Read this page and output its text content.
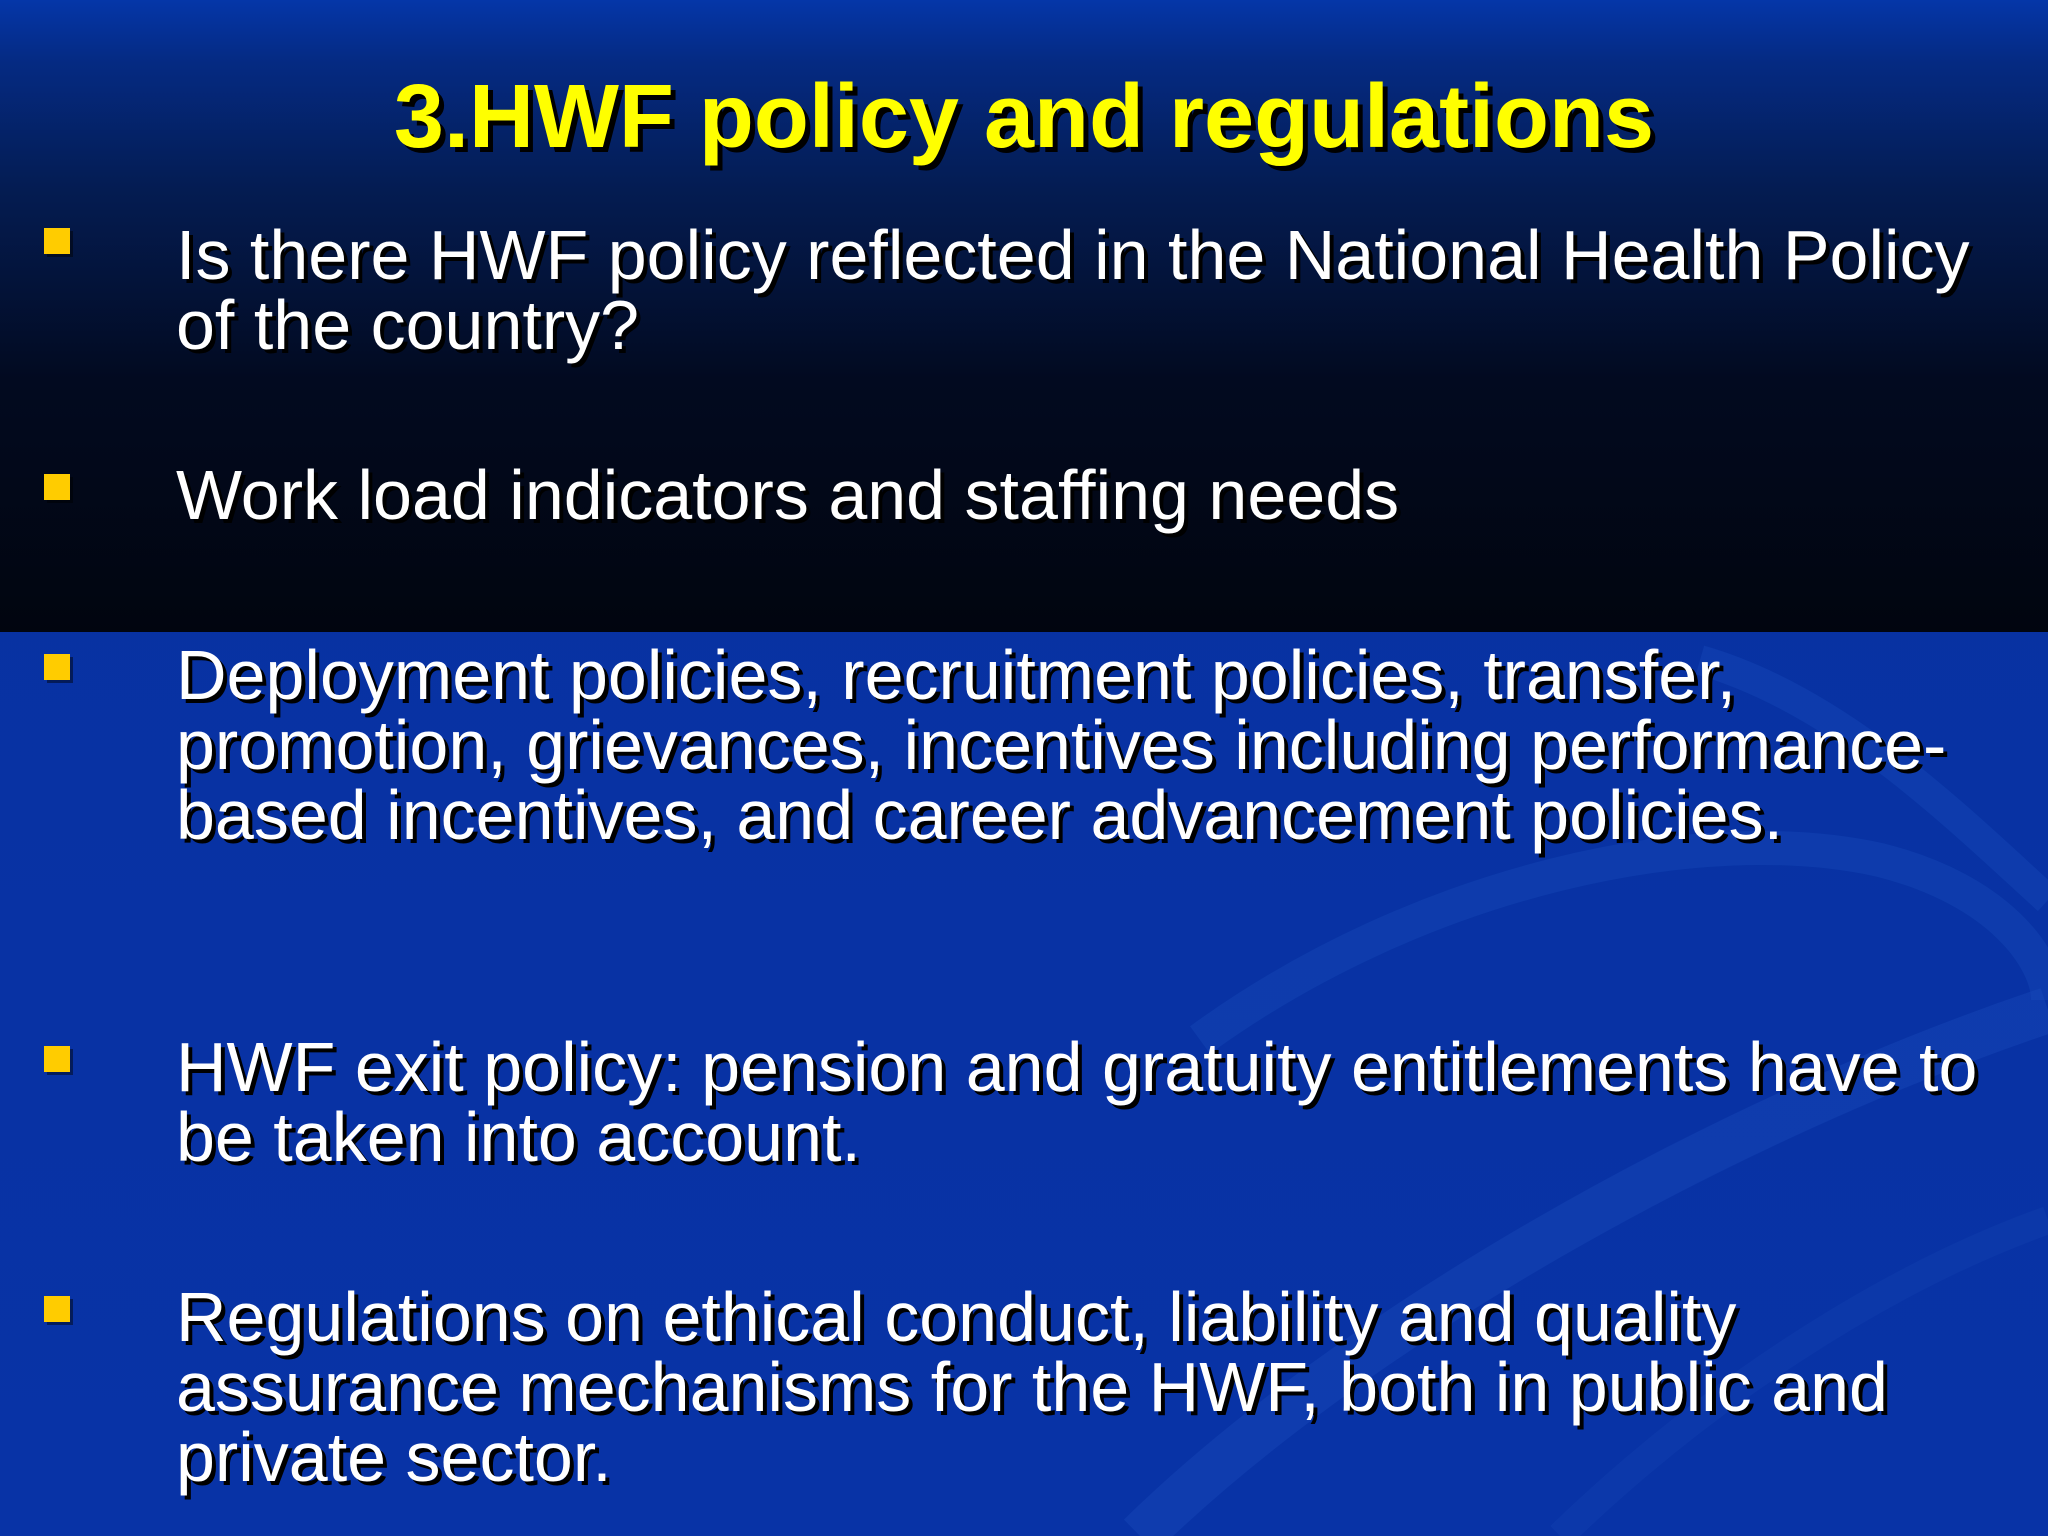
3.HWF policy and regulations

Is there HWF policy reflected in the National Health Policy of the country?

Work load indicators and staffing needs

Deployment policies, recruitment policies, transfer, promotion, grievances, incentives including performance-based incentives, and career advancement policies.

HWF exit policy: pension and gratuity entitlements have to be taken into account.

Regulations on ethical conduct, liability and quality assurance mechanisms for the HWF, both in public and private sector.
